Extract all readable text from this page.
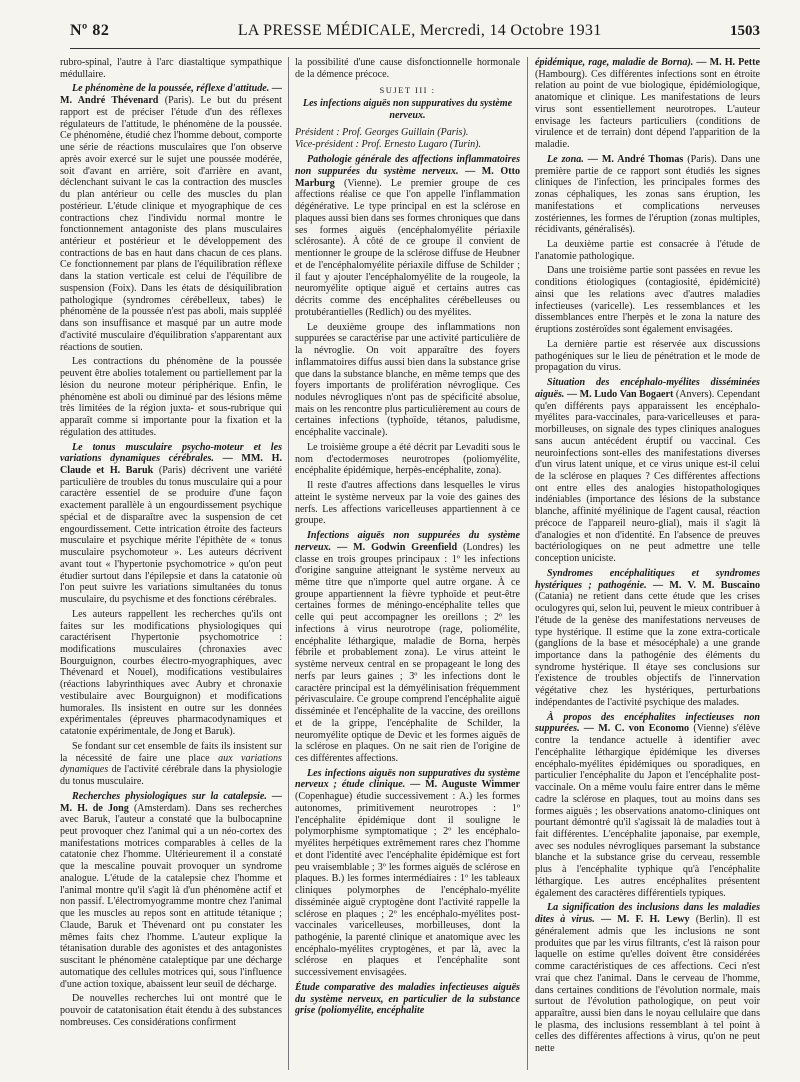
Nº 82	LA PRESSE MÉDICALE, Mercredi, 14 Octobre 1931	1503

rubro-spinal, l'autre à l'arc diastaltique sympathique médullaire.

Le phénomène de la poussée, réflexe d'attitude. — M. André Thévenard (Paris). Le but du présent rapport est de préciser l'étude d'un des réflexes régulateurs de l'attitude, le phénomène de la poussée. Ce phénomène, étudié chez l'homme debout, comporte une série de réactions musculaires que l'on observe après avoir exercé sur le sujet une poussée modérée, soit d'avant en arrière, soit d'arrière en avant, déclenchant suivant le cas la contraction des muscles du plan antérieur ou celle des muscles du plan postérieur. L'étude clinique et myographique de ces contractions chez l'individu normal montre le fonctionnement antagoniste des plans musculaires antérieur et postérieur et le développement des contractions de bas en haut dans chacun de ces plans. Ce fonctionnement par plans de l'équilibration réflexe dans la station verticale est celui de l'équilibre de suspension (Foix). Dans les états de désiquilibration pathologique (syndromes cérébelleux, tabes) le phénomène de la poussée n'est pas aboli, mais suppléé dans son insuffisance et masqué par un autre mode d'activité musculaire d'équilibration s'apparentant aux réactions de soutien.

Les contractions du phénomène de la poussée peuvent être abolies totalement ou partiellement par la lésion du neurone moteur périphérique. Enfin, le phénomène est aboli ou diminué par des lésions même très limitées de la région juxta- et sous-rubrique qui apparaît comme si importante pour la fixation et la régulation des attitudes.

Le tonus musculaire psycho-moteur et les variations dynamiques cérébrales. — MM. H. Claude et H. Baruk (Paris) décrivent une variété particulière de troubles du tonus musculaire qui a pour caractère essentiel de se produire d'une façon exactement parallèle à un engourdissement psychique spécial et de disparaître avec la suspension de cet engourdissement. Cette intrication étroite des facteurs musculaire et psychique mérite l'épithète de « tonus musculaire psychomoteur ». Les auteurs décrivent avant tout « l'hypertonie psychomotrice » qu'on peut étudier surtout dans l'épilepsie et dans la catatonie où l'on peut suivre les variations simultanées du tonus musculaire, du psychisme et des fonctions cérébrales.

Les auteurs rappellent les recherches qu'ils ont faites sur les modifications physiologiques qui caractérisent l'hypertonie psychomotrice : modifications musculaires (chronaxies avec Bourguignon, courbes électro-myographiques, avec Thévenard et Nouel), modifications vestibulaires (réactions labyrinthiques avec Aubry et chronaxie vestibulaire avec Bourguignon) et modifications humorales. Ils insistent en outre sur les données expérimentales (épreuves pharmacodynamiques et catatonie expérimentale, de Jong et Baruk).

Se fondant sur cet ensemble de faits ils insistent sur la nécessité de faire une place aux variations dynamiques de l'activité cérébrale dans la physiologie du tonus musculaire.

Recherches physiologiques sur la catalepsie. — M. H. de Jong (Amsterdam). Dans ses recherches avec Baruk, l'auteur a constaté que la bulbocapnine peut provoquer chez l'animal qui a un néo-cortex des manifestations motrices comparables à celles de la catatonie chez l'homme. Ultérieurement il a constaté que la mescaline pouvait provoquer un syndrome analogue. L'étude de la catalepsie chez l'homme et l'animal montre qu'il s'agit là d'un phénomène actif et non passif. L'électromyogramme montre chez l'animal que les muscles au repos sont en attitude tétanique ; Claude, Baruk et Thévenard ont pu constater les mêmes faits chez l'homme. L'auteur explique la tétanisation durable des agonistes et des antagonistes suscitant le phénomène cataleptique par une décharge automatique des cellules motrices qui, sous l'influence d'une action toxique, abaissent leur seuil de décharge.

De nouvelles recherches lui ont montré que le pouvoir de catatonisation était étendu à des substances nombreuses. Ces considérations confirment

la possibilité d'une cause disfonctionnelle hormonale de la démence précoce.

SUJET III :

Les infections aiguës non suppuratives du système nerveux.

Président : Prof. Georges Guillain (Paris).

Vice-président : Prof. Ernesto Lugaro (Turin).

Pathologie générale des affections inflammatoires non suppurées du système nerveux. — M. Otto Marburg (Vienne). Le premier groupe de ces affections réalise ce que l'on appelle l'inflammation dégénérative. Le type principal en est la sclérose en plaques aussi bien dans ses formes chroniques que dans ses formes aiguës (encéphalomyélite périaxile sclérosante). À côté de ce groupe il convient de mentionner le groupe de la sclérose diffuse de Heubner et de l'encéphalomyélite périaxile diffuse de Schilder ; il faut y ajouter l'encéphalomyélite de la rougeole, la neuromyélite optique aiguë et certains autres cas décrits comme des encéphalites cérébelleuses ou protubérantielles (Redlich) ou des myélites.

Le deuxième groupe des inflammations non suppurées se caractérise par une activité particulière de la névroglie. On voit apparaître des foyers inflammatoires diffus aussi bien dans la substance grise que dans la substance blanche, en même temps que des foyers importants de prolifération névroglique. Ces nodules névrogliques n'ont pas de spécificité absolue, mais on les rencontre plus particulièrement au cours de certaines infections (typhoïde, tétanos, paludisme, encéphalite vaccinale).

Le troisième groupe a été décrit par Levaditi sous le nom d'ectodermoses neurotropes (poliomyélite, encéphalite épidémique, herpès-encéphalite, zona).

Il reste d'autres affections dans lesquelles le virus atteint le système nerveux par la voie des gaines des nerfs. Les affections varicelleuses appartiennent à ce groupe.

Infections aiguës non suppurées du système nerveux. — M. Godwin Greenfield (Londres) les classe en trois groupes principaux : 1º les infections d'origine sanguine atteignant le système nerveux au même titre que n'importe quel autre organe. À ce groupe appartiennent la fièvre typhoïde et peut-être certaines formes de méningo-encéphalite telles que celle qui peut accompagner les oreillons ; 2º les infections à virus neurotrope (rage, poliomélite, encéphalite léthargique, maladie de Borna, herpès fébrile et probablement zona). Le virus atteint le système nerveux central en se propageant le long des nerfs par leurs gaines ; 3º les infections dont le caractère principal est la démyélinisation fréquemment périvasculaire. Ce groupe comprend l'encéphalite aiguë disséminée et l'encéphalite de la vaccine, des oreillons et de la grippe, l'encéphalite de Schilder, la neuromyélite optique de Devic et les formes aiguës de la sclérose en plaques. On ne sait rien de l'origine de ces différentes affections.

Les infections aiguës non suppuratives du système nerveux ; étude clinique. — M. Auguste Wimmer (Copenhague) étudie successivement : A.) les formes autonomes, primitivement neurotropes : 1º l'encéphalite épidémique dont il souligne le polymorphisme symptomatique ; 2º les encéphalo-myélites herpétiques extrêmement rares chez l'homme et dont l'identité avec l'encéphalite épidémique est fort peu vraisemblable ; 3º les formes aiguës de sclérose en plaques. B.) les formes intermédiaires : 1º les tableaux cliniques polymorphes de l'encéphalo-myélite disséminée aiguë cryptogène dont l'activité rappelle la sclérose en plaques ; 2º les encéphalo-myélites post-vaccinales varicelleuses, morbilleuses, dont la pathogénie, la parenté clinique et anatomique avec les encéphalo-myélites cryptogènes, et par là, avec la sclérose en plaques et l'encéphalite sont successivement envisagées.

Étude comparative des maladies infectieuses aiguës du système nerveux, en particulier de la substance grise (poliomyélite, encéphalite

épidémique, rage, maladie de Borna). — M. H. Pette (Hambourg). Ces différentes infections sont en étroite relation au point de vue biologique, épidémiologique, anatomique et clinique. Les manifestations de leurs virus sont essentiellement neurotropes. L'auteur envisage les facteurs particuliers (conditions de virulence et de terrain) dont dépend l'apparition de la maladie.

Le zona. — M. André Thomas (Paris). Dans une première partie de ce rapport sont étudiés les signes cliniques de l'infection, les principales formes des zonas céphaliques, les zonas sans éruption, les manifestations et complications nerveuses zostériennes, les formes de l'éruption (zonas multiples, récidivants, généralisés).

La deuxième partie est consacrée à l'étude de l'anatomie pathologique.

Dans une troisième partie sont passées en revue les conditions étiologiques (contagiosité, épidémicité) ainsi que les relations avec d'autres maladies infectieuses (varicelle). Les ressemblances et les dissemblances entre l'herpès et le zona la nature des éruptions zostéroïdes sont également envisagées.

La dernière partie est réservée aux discussions pathogéniques sur le lieu de pénétration et le mode de propagation du virus.

Situation des encéphalo-myélites disséminées aiguës. — M. Ludo Van Bogaert (Anvers). Cependant qu'en différents pays apparaissent les encéphalo-myélites para-vaccinales, para-varicelleuses et para-morbilleuses, on signale des types cliniques analogues sans aucun antécédent éruptif ou vaccinal. Ces neuroinfections sont-elles des manifestations diverses d'un virus latent unique, et ce virus unique est-il celui de la sclérose en plaques ? Ces différentes affections ont entre elles des analogies histopathologiques indéniables (importance des lésions de la substance blanche, affinité myélinique de l'agent causal, réaction précoce de l'appareil neuro-glial), mais il s'agit là d'analogies et non d'identité. En l'absence de preuves bactériologiques on ne peut admettre une telle conception uniciste.

Syndromes encéphalitiques et syndromes hystériques ; pathogénie. — M. V. M. Buscaino (Catania) ne retient dans cette étude que les crises oculogyres qui, selon lui, peuvent le mieux contribuer à l'étude de la genèse des manifestations nerveuses de type hystérique. Il estime que la zone extra-corticale (ganglions de la base et mésocéphale) a une grande importance dans la pathogénie des éléments du syndrome hystérique. Il étaye ses conclusions sur l'existence de troubles objectifs de l'innervation végétative chez les hystériques, perturbations indépendantes de l'activité psychique des malades.

À propos des encéphalites infectieuses non suppurées. — M. C. von Economo (Vienne) s'élève contre la tendance actuelle à identifier avec l'encéphalite léthargique épidémique les diverses encéphalo-myélites épidémiques ou sporadiques, en particulier l'encéphalite du Japon et l'encéphalite post-vaccinale. On a même voulu faire entrer dans le même cadre la sclérose en plaques, tout au moins dans ses formes aiguës ; les observations anatomo-cliniques ont pourtant démontré qu'il s'agissait là de maladies tout à fait différentes. L'encéphalite japonaise, par exemple, avec ses nodules névrogliques parsemant la substance blanche et la substance grise du cerveau, ressemble plus à l'encéphalite typhique qu'à l'encéphalite léthargique. Les autres encéphalites présentent également des caractères différentiels typiques.

La signification des inclusions dans les maladies dites à virus. — M. F. H. Lewy (Berlin). Il est généralement admis que les inclusions ne sont produites que par les virus filtrants, c'est là raison pour laquelle on estime qu'elles doivent être considérées comme caractéristiques de ces affections. Ceci n'est vrai que chez l'animal. Dans le cerveau de l'homme, dans certaines conditions de l'évolution normale, mais surtout de l'évolution pathologique, on peut voir apparaître, aussi bien dans le noyau cellulaire que dans le plasma, des inclusions ressemblant à tel point à celles des différentes affections à virus, qu'on ne peut nette
